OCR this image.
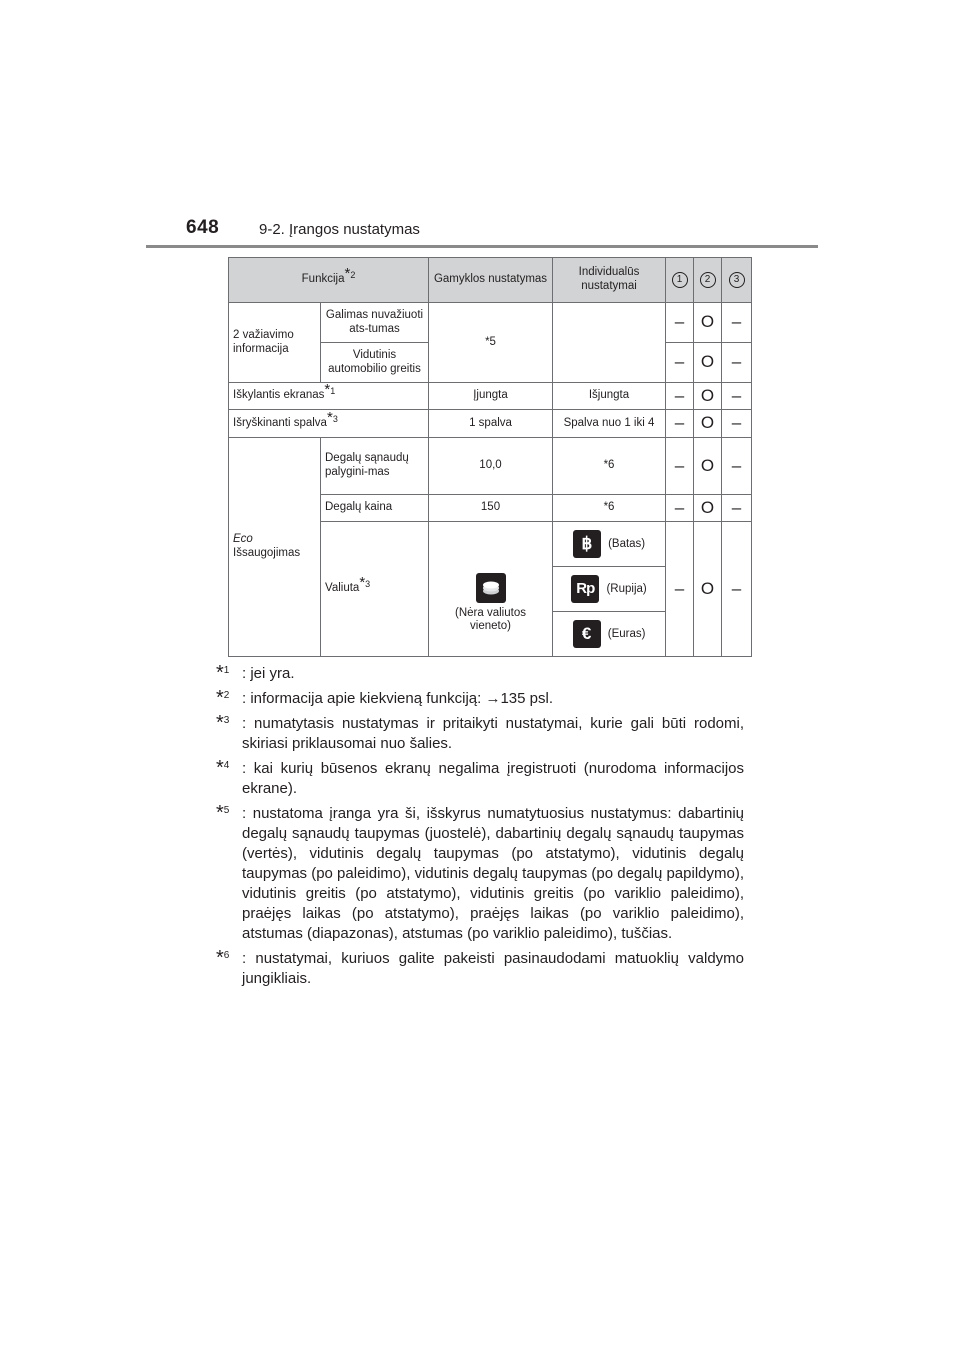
648	9-2. Įrangos nustatymas
Funkcija$^{*2}$		Gamyklos nustatymas	Individualūs nustatymai	1	2	3
2 važiavimo informacija	Galimas nuvažiuoti ats-tumas	*5		–	O	–
	Vidutinis automobilio greitis			–	O	–
Iškylantis ekranas$^{*1}$		Įjungta	Išjungta	–	O	–
Išryškinanti spalva$^{*3}$		1 spalva	Spalva nuo 1 iki 4	–	O	–
Eco
Išsaugojimas	Degalų sąnaudų palygini-mas	10,0	*6	–	O	–
	Degalų kaina	150	*6	–	O	–
	Valiuta$^{*3}$	(Nėra valiutos vieneto)	฿ (Batas)	–	O	–
			Rp (Rupija)			
			€ (Euras)			
*$^1$ : jei yra.
*$^2$ : informacija apie kiekvieną funkciją: →135 psl.
*$^3$ : numatytasis nustatymas ir pritaikyti nustatymai, kurie gali būti rodomi, skiriasi priklausomai nuo šalies.
*$^4$ : kai kurių būsenos ekranų negalima įregistruoti (nurodoma informacijos ekrane).
*$^5$ : nustatoma įranga yra ši, išskyrus numatytuosius nustatymus: dabartinių degalų sąnaudų taupymas (juostelė), dabartinių degalų sąnaudų taupymas (vertės), vidutinis degalų taupymas (po atstatymo), vidutinis degalų taupymas (po paleidimo), vidutinis degalų taupymas (po degalų papildymo), vidutinis greitis (po atstatymo), vidutinis greitis (po variklio paleidimo), praėjęs laikas (po atstatymo), praėjęs laikas (po variklio paleidimo), atstumas (diapazonas), atstumas (po variklio paleidimo), tuščias.
*$^6$ : nustatymai, kuriuos galite pakeisti pasinaudodami matuoklių valdymo jungikliais.
